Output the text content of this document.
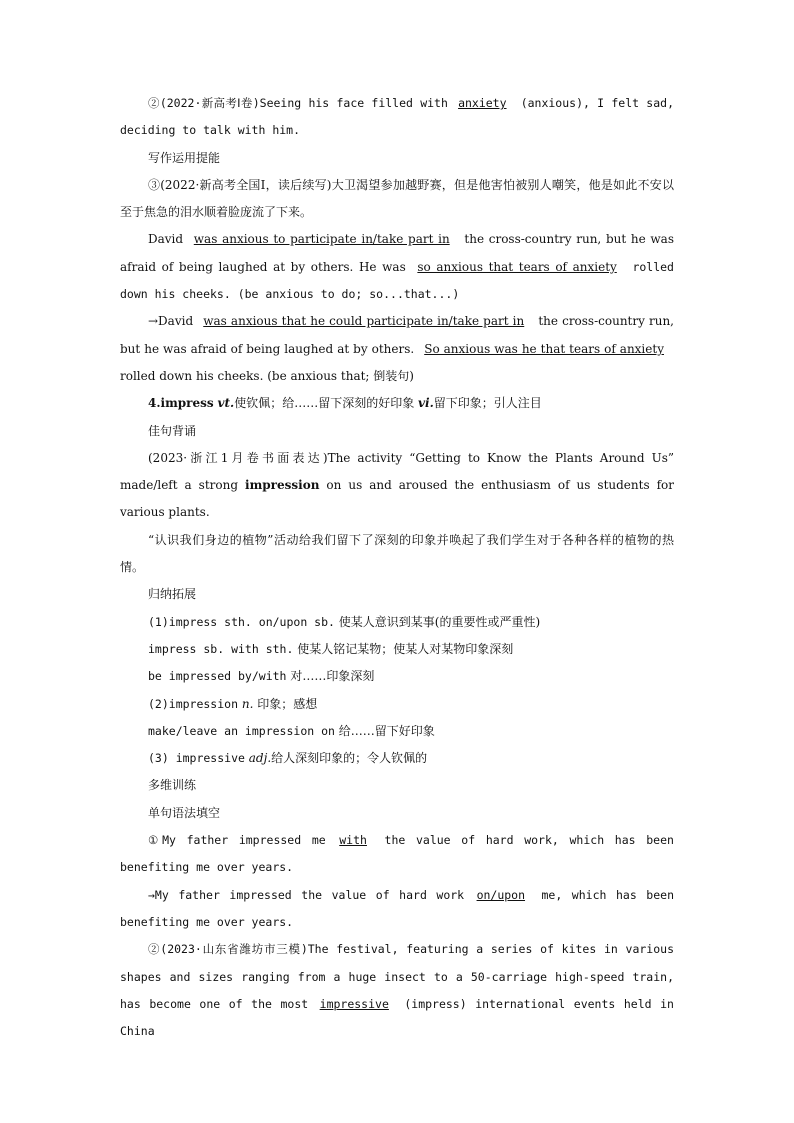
②(2022·新高考Ⅰ卷)Seeing his face filled with anxiety (anxious), I felt sad, deciding to talk with him.

写作运用提能

③(2022·新高考全国Ⅰ，读后续写)大卫渴望参加越野赛，但是他害怕被别人嘲笑，他是如此不安以至于焦急的泪水顺着脸庞流了下来。

David was anxious to participate in/take part in the cross-country run, but he was afraid of being laughed at by others. He was so anxious that tears of anxiety rolled down his cheeks. (be anxious to do; so...that...)

→David was anxious that he could participate in/take part in the cross-country run, but he was afraid of being laughed at by others. So anxious was he that tears of anxiety rolled down his cheeks. (be anxious that; 倒装句)

4.impress vt.使钦佩；给……留下深刻的好印象 vi.留下印象；引人注目

佳句背诵

(2023·浙江1月卷书面表达)The activity “Getting to Know the Plants Around Us” made/left a strong impression on us and aroused the enthusiasm of us students for various plants.

“认识我们身边的植物”活动给我们留下了深刻的印象并唤起了我们学生对于各种各样的植物的热情。

归纳拓展

(1)impress sth. on/upon sb. 使某人意识到某事(的重要性或严重性)

impress sb. with sth. 使某人铭记某物；使某人对某物印象深刻

be impressed by/with 对……印象深刻

(2)impression n. 印象；感想

make/leave an impression on 给……留下好印象

(3) impressive adj.给人深刻印象的；令人钦佩的

多维训练

单句语法填空

①My father impressed me with the value of hard work, which has been benefiting me over years.

→My father impressed the value of hard work on/upon me, which has been benefiting me over years.

②(2023·山东省潍坊市三模)The festival, featuring a series of kites in various shapes and sizes ranging from a huge insect to a 50-carriage high-speed train, has become one of the most impressive (impress) international events held in China
